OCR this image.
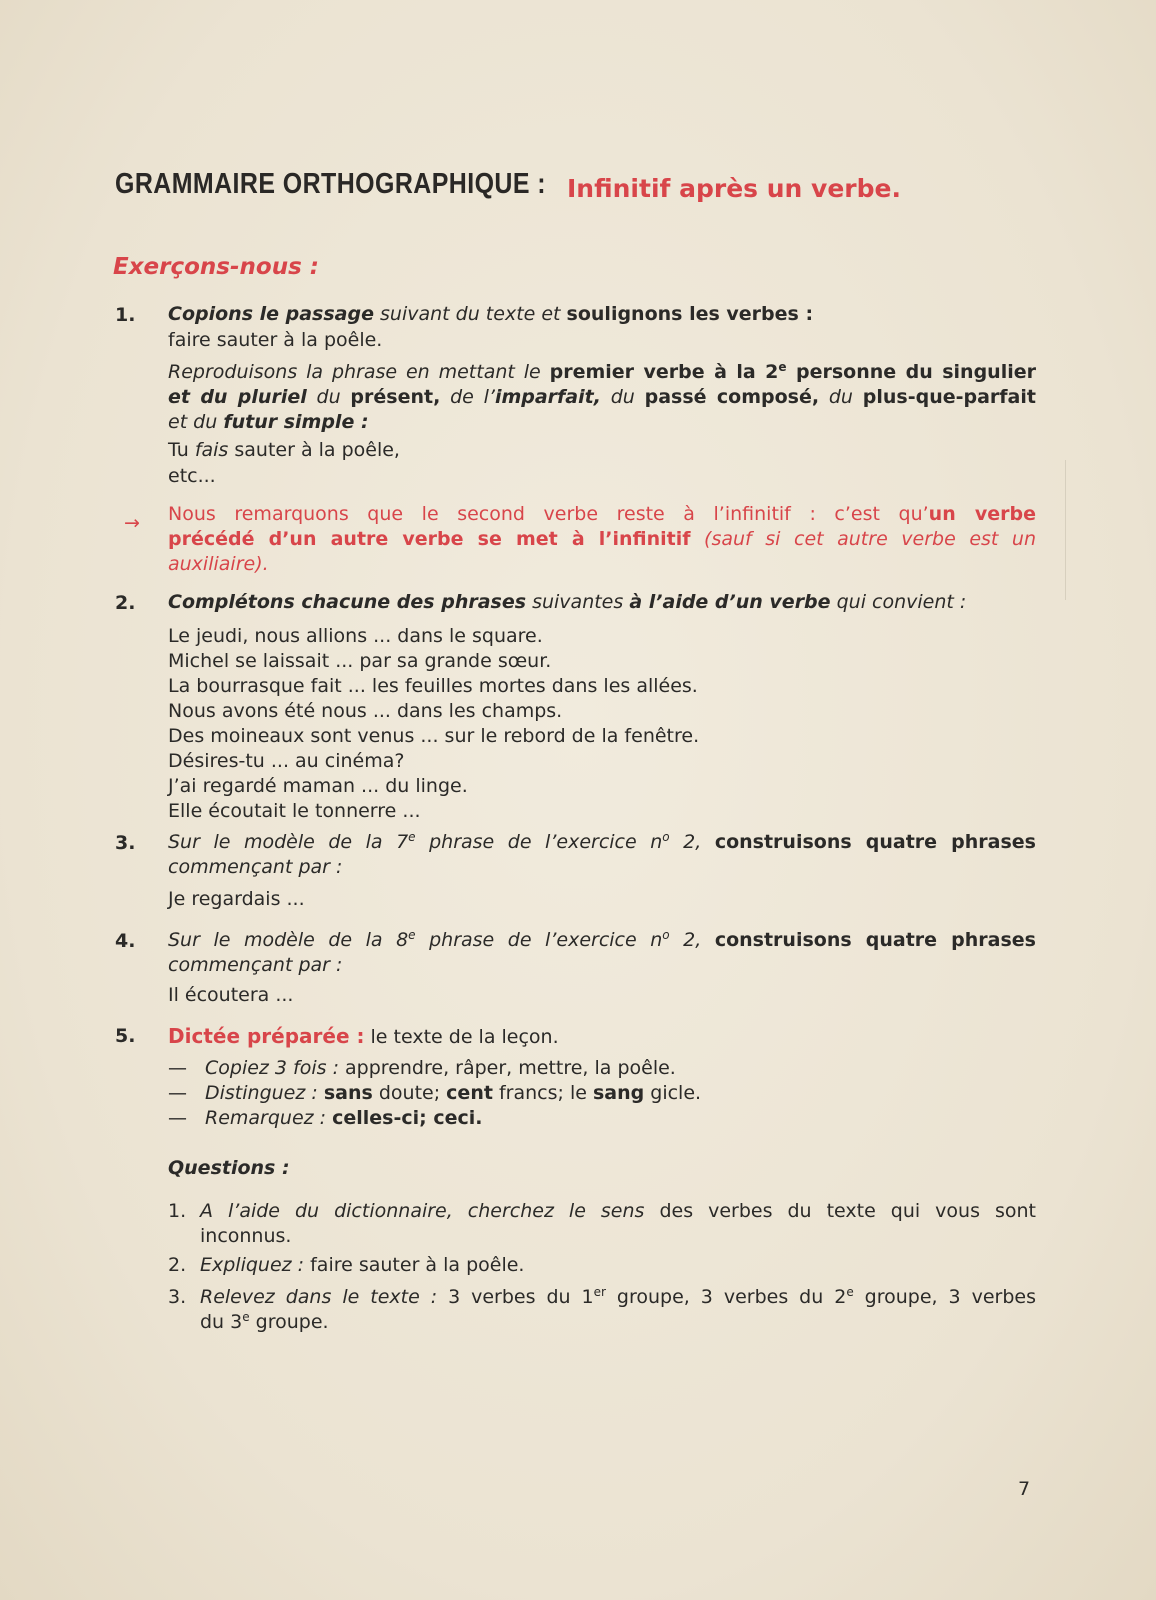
GRAMMAIRE ORTHOGRAPHIQUE : Infinitif après un verbe.
Exerçons-nous :
1. Copions le passage suivant du texte et soulignons les verbes :
faire sauter à la poêle.
Reproduisons la phrase en mettant le premier verbe à la 2e personne du singulier
et du pluriel du présent, de l’imparfait, du passé composé, du plus-que-parfait
et du futur simple :
Tu fais sauter à la poêle,
etc...
→ Nous remarquons que le second verbe reste à l’infinitif : c’est qu’un verbe
précédé d’un autre verbe se met à l’infinitif (sauf si cet autre verbe est un
auxiliaire).
2. Complétons chacune des phrases suivantes à l’aide d’un verbe qui convient :
Le jeudi, nous allions ... dans le square.
Michel se laissait ... par sa grande sœur.
La bourrasque fait ... les feuilles mortes dans les allées.
Nous avons été nous ... dans les champs.
Des moineaux sont venus ... sur le rebord de la fenêtre.
Désires-tu ... au cinéma?
J’ai regardé maman ... du linge.
Elle écoutait le tonnerre ...
3. Sur le modèle de la 7e phrase de l’exercice $n^o$ 2, construisons quatre phrases
commençant par :
Je regardais ...
4. Sur le modèle de la 8e phrase de l’exercice $n^o$ 2, construisons quatre phrases
commençant par :
Il écoutera ...
5. Dictée préparée : le texte de la leçon.
— Copiez 3 fois : apprendre, râper, mettre, la poêle.
— Distinguez : sans doute; cent francs; le sang gicle.
— Remarquez : celles-ci; ceci.
Questions :
1. A l’aide du dictionnaire, cherchez le sens des verbes du texte qui vous sont
inconnus.
2. Expliquez : faire sauter à la poêle.
3. Relevez dans le texte : 3 verbes du 1er groupe, 3 verbes du 2e groupe, 3 verbes
du 3e groupe.
7
